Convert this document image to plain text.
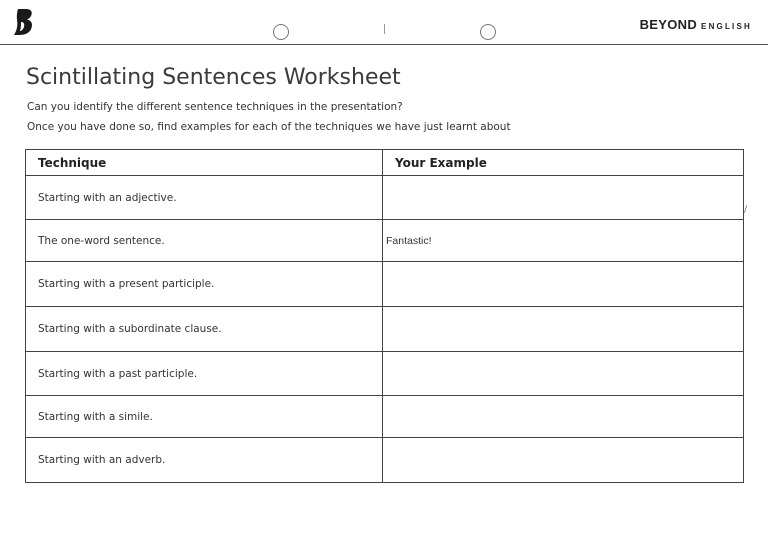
BEYOND ENGLISH
Scintillating Sentences Worksheet
Can you identify the different sentence techniques in the presentation?
Once you have done so, find examples for each of the techniques we have just learnt about
Technique	Your Example
Starting with an adjective.	
The one-word sentence.	Fantastic!
Starting with a present participle.	
Starting with a subordinate clause.	
Starting with a past participle.	
Starting with a simile.	
Starting with an adverb.	
/
